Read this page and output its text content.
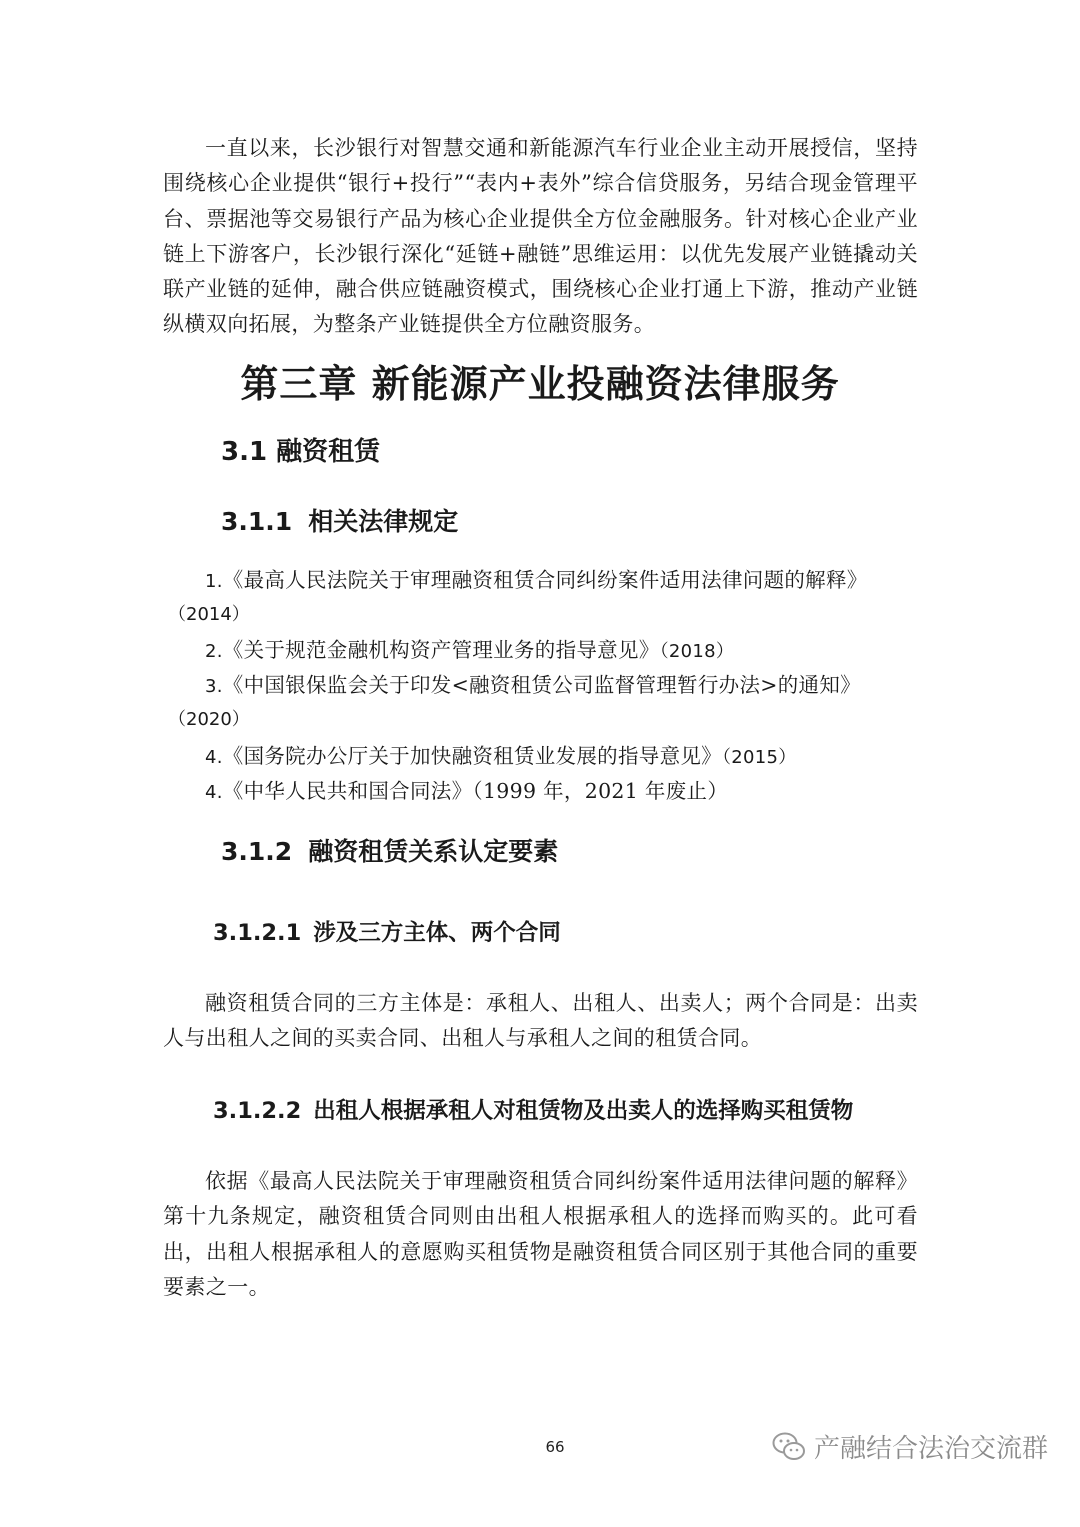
一直以来，长沙银行对智慧交通和新能源汽车行业企业主动开展授信，坚持围绕核心企业提供“银行+投行”“表内+表外”综合信贷服务，另结合现金管理平台、票据池等交易银行产品为核心企业提供全方位金融服务。针对核心企业产业链上下游客户，长沙银行深化“延链+融链”思维运用：以优先发展产业链撬动关联产业链的延伸，融合供应链融资模式，围绕核心企业打通上下游，推动产业链纵横双向拓展，为整条产业链提供全方位融资服务。

第三章 新能源产业投融资法律服务
3.1 融资租赁
3.1.1 相关法律规定
1.《最高人民法院关于审理融资租赁合同纠纷案件适用法律问题的解释》
（2014）
2.《关于规范金融机构资产管理业务的指导意见》（2018）
3.《中国银保监会关于印发<融资租赁公司监督管理暂行办法>的通知》
（2020）
4.《国务院办公厅关于加快融资租赁业发展的指导意见》（2015）
4.《中华人民共和国合同法》（1999 年，2021 年废止）
3.1.2 融资租赁关系认定要素
3.1.2.1 涉及三方主体、两个合同

融资租赁合同的三方主体是：承租人、出租人、出卖人；两个合同是：出卖人与出租人之间的买卖合同、出租人与承租人之间的租赁合同。

3.1.2.2 出租人根据承租人对租赁物及出卖人的选择购买租赁物

依据《最高人民法院关于审理融资租赁合同纠纷案件适用法律问题的解释》第十九条规定，融资租赁合同则由出租人根据承租人的选择而购买的。此可看出，出租人根据承租人的意愿购买租赁物是融资租赁合同区别于其他合同的重要要素之一。

66	产融结合法治交流群
